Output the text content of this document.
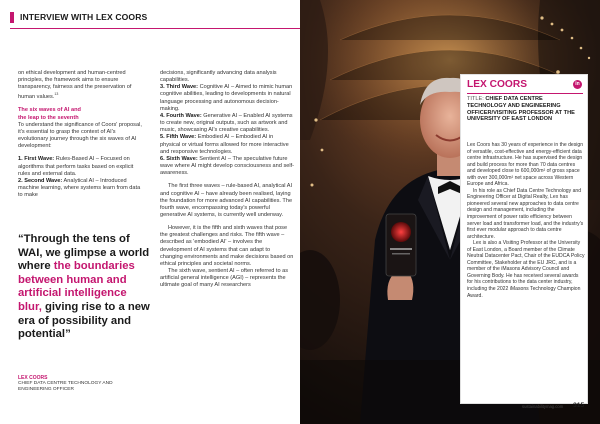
INTERVIEW WITH LEX COORS

on ethical development and human-centred principles, the framework aims to ensure transparency, fairness and the preservation of human values.$^{13}$

The six waves of AI and
the leap to the seventh

To understand the significance of Coors' proposal, it's essential to grasp the context of AI's evolutionary journey through the six waves of AI development:

1. First Wave: Rules-Based AI – Focused on algorithms that perform tasks based on explicit rules and external data.
2. Second Wave: Analytical AI – Introduced machine learning, where systems learn from data to make
decisions, significantly advancing data analysis capabilities.
3. Third Wave: Cognitive AI – Aimed to mimic human cognitive abilities, leading to developments in natural language processing and autonomous decision-making.
4. Fourth Wave: Generative AI – Enabled AI systems to create new, original outputs, such as artwork and music, showcasing AI's creative capabilities.
5. Fifth Wave: Embodied AI – Embodied AI in physical or virtual forms allowed for more interactive and responsive technologies.

6. Sixth Wave: Sentient AI – The speculative future wave where AI might develop consciousness and self-awareness.

The first three waves – rule-based AI, analytical AI and cognitive AI – have already been realised, laying the foundation for more advanced AI capabilities. The fourth wave, encompassing today's powerful generative AI systems, is currently well underway.

However, it is the fifth and sixth waves that pose the greatest challenges and risks. The fifth wave – described as 'embodied AI' – involves the development of AI systems that can adapt to changing environments and make decisions based on ethical principles and societal norms.

The sixth wave, sentient AI – often referred to as artificial general intelligence (AGI) – represents the ultimate goal of many AI researchers

“Through the tens of WAI, we glimpse a world where the boundaries between human and artificial intelligence blur, giving rise to a new era of possibility and potential”
LEX COORS
CHIEF DATA CENTRE TECHNOLOGY AND ENGINEERING OFFICER
LEX COORS	in
TITLE: CHIEF DATA CENTRE TECHNOLOGY AND ENGINEERING OFFICER/VISITING PROFESSOR AT THE UNIVERSITY OF EAST LONDON

Lex Coors has 30 years of experience in the design of versatile, cost-effective and energy-efficient data centre infrastructure. He has supervised the design and build process for more than 70 data centres and developed close to 600,000m² of gross space with over 300,000m² net space across Western Europe and Africa.

In his role as Chief Data Centre Technology and Engineering Officer at Digital Realty, Lex has pioneered several new approaches to data centre design and management, including the improvement of power ratio efficiency between server load and transformer load, and the industry's first ever modular approach to data centre architecture.

Lex is also a Visiting Professor at the University of East London, a Board member of the Climate Neutral Datacenter Pact, Chair of the EUDCA Policy Committee, Stakeholder at the EU JRC, and is a member of the iMasons Advisory Council and Governing Body. He has received several awards for his contributions to the data center industry, including the 2022 iMasons Technology Champion Award.

sustainabilitymag.com 315
